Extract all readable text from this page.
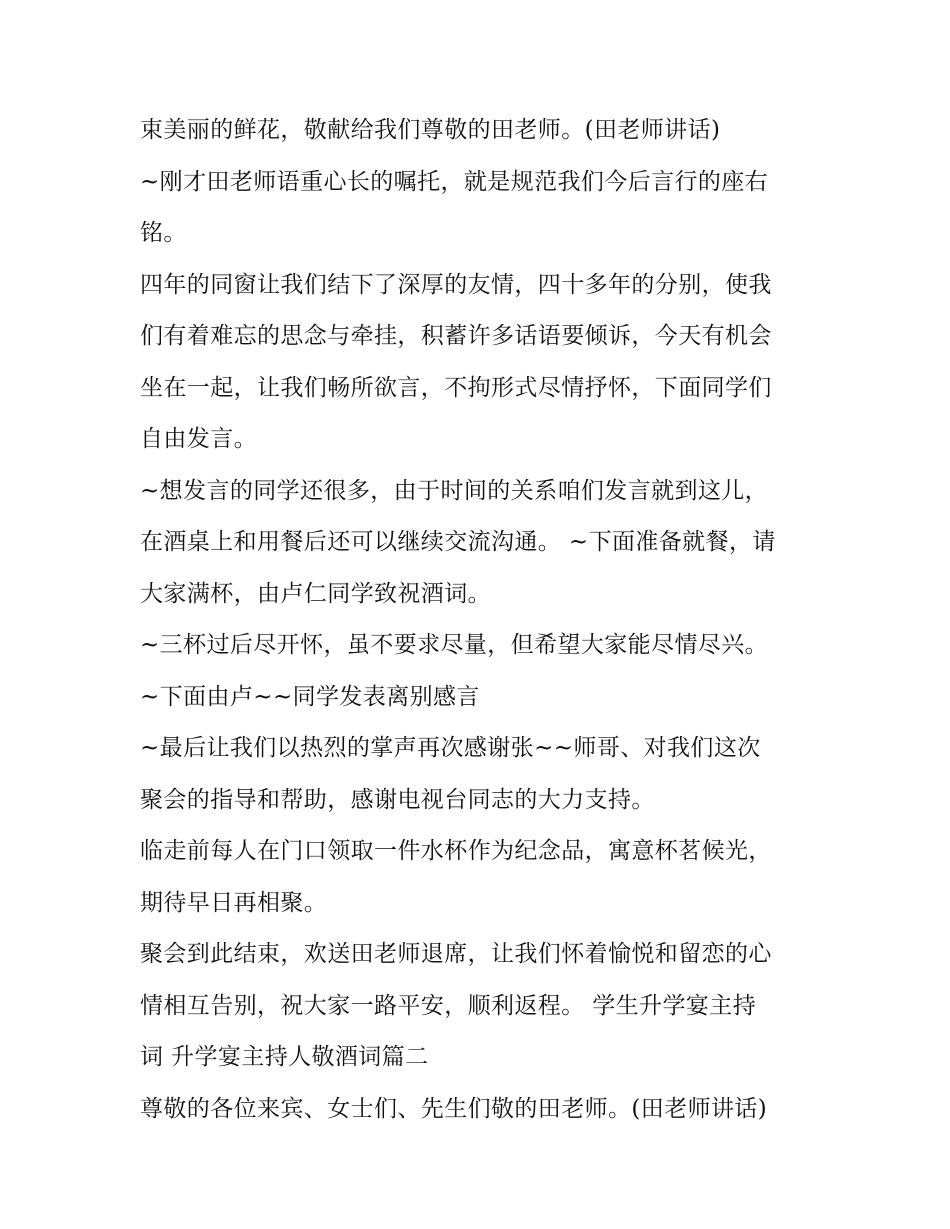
束美丽的鲜花，敬献给我们尊敬的田老师。(田老师讲话)
~刚才田老师语重心长的嘱托，就是规范我们今后言行的座右
铭。
四年的同窗让我们结下了深厚的友情，四十多年的分别，使我
们有着难忘的思念与牵挂，积蓄许多话语要倾诉，今天有机会
坐在一起，让我们畅所欲言，不拘形式尽情抒怀，下面同学们
自由发言。
~想发言的同学还很多，由于时间的关系咱们发言就到这儿，
在酒桌上和用餐后还可以继续交流沟通。 ~下面准备就餐，请
大家满杯，由卢仁同学致祝酒词。
~三杯过后尽开怀，虽不要求尽量，但希望大家能尽情尽兴。
~下面由卢~~同学发表离别感言
~最后让我们以热烈的掌声再次感谢张~~师哥、对我们这次
聚会的指导和帮助，感谢电视台同志的大力支持。
临走前每人在门口领取一件水杯作为纪念品，寓意杯茗候光，
期待早日再相聚。
聚会到此结束，欢送田老师退席，让我们怀着愉悦和留恋的心
情相互告别，祝大家一路平安，顺利返程。 学生升学宴主持
词 升学宴主持人敬酒词篇二
尊敬的各位来宾、女士们、先生们敬的田老师。(田老师讲话)
